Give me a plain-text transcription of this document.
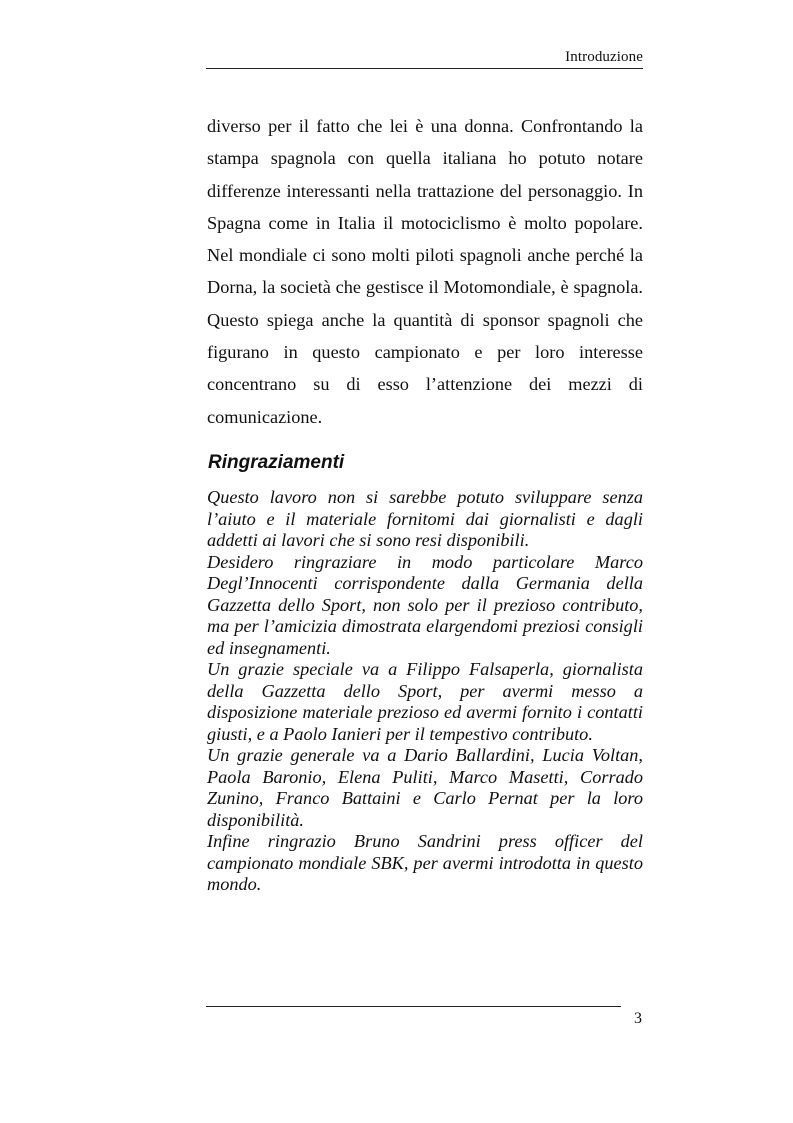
Introduzione

diverso per il fatto che lei è una donna. Confrontando la stampa spagnola con quella italiana ho potuto notare differenze interessanti nella trattazione del personaggio. In Spagna come in Italia il motociclismo è molto popolare. Nel mondiale ci sono molti piloti spagnoli anche perché la Dorna, la società che gestisce il Motomondiale, è spagnola. Questo spiega anche la quantità di sponsor spagnoli che figurano in questo campionato e per loro interesse concentrano su di esso l’attenzione dei mezzi di comunicazione.

Ringraziamenti

Questo lavoro non si sarebbe potuto sviluppare senza l’aiuto e il materiale fornitomi dai giornalisti e dagli addetti ai lavori che si sono resi disponibili.

Desidero ringraziare in modo particolare Marco Degl’Innocenti corrispondente dalla Germania della Gazzetta dello Sport, non solo per il prezioso contributo, ma per l’amicizia dimostrata elargendomi preziosi consigli ed insegnamenti.

Un grazie speciale va a Filippo Falsaperla, giornalista della Gazzetta dello Sport, per avermi messo a disposizione materiale prezioso ed avermi fornito i contatti giusti, e a Paolo Ianieri per il tempestivo contributo.

Un grazie generale va a Dario Ballardini, Lucia Voltan, Paola Baronio, Elena Puliti, Marco Masetti, Corrado Zunino, Franco Battaini e Carlo Pernat per la loro disponibilità.

Infine ringrazio Bruno Sandrini press officer del campionato mondiale SBK, per avermi introdotta in questo mondo.

3
